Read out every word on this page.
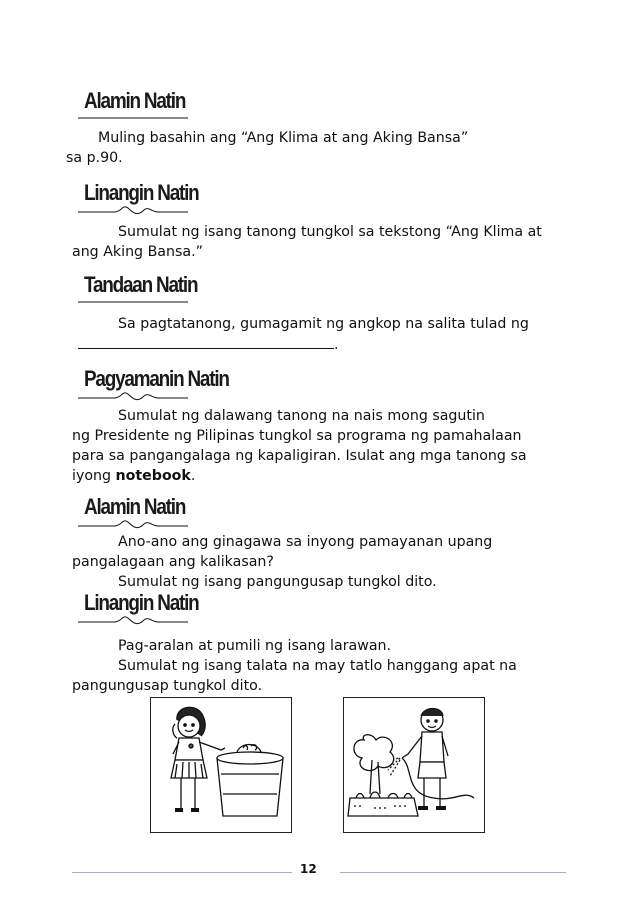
Alamin Natin
Muling basahin ang “Ang Klima at ang Aking Bansa”
sa p.90.
Linangin Natin
Sumulat ng isang tanong tungkol sa tekstong “Ang Klima at
ang Aking Bansa.”
Tandaan Natin
Sa pagtatanong, gumagamit ng angkop na salita tulad ng
.
Pagyamanin Natin
Sumulat ng dalawang tanong na nais mong sagutin
ng Presidente ng Pilipinas tungkol sa programa ng pamahalaan
para sa pangangalaga ng kapaligiran. Isulat ang mga tanong sa
iyong notebook.
Alamin Natin
Ano-ano ang ginagawa sa inyong pamayanan upang
pangalagaan ang kalikasan?
Sumulat ng isang pangungusap tungkol dito.
Linangin Natin
Pag-aralan at pumili ng isang larawan.
Sumulat ng isang talata na may tatlo hanggang apat na
pangungusap tungkol dito.
12
